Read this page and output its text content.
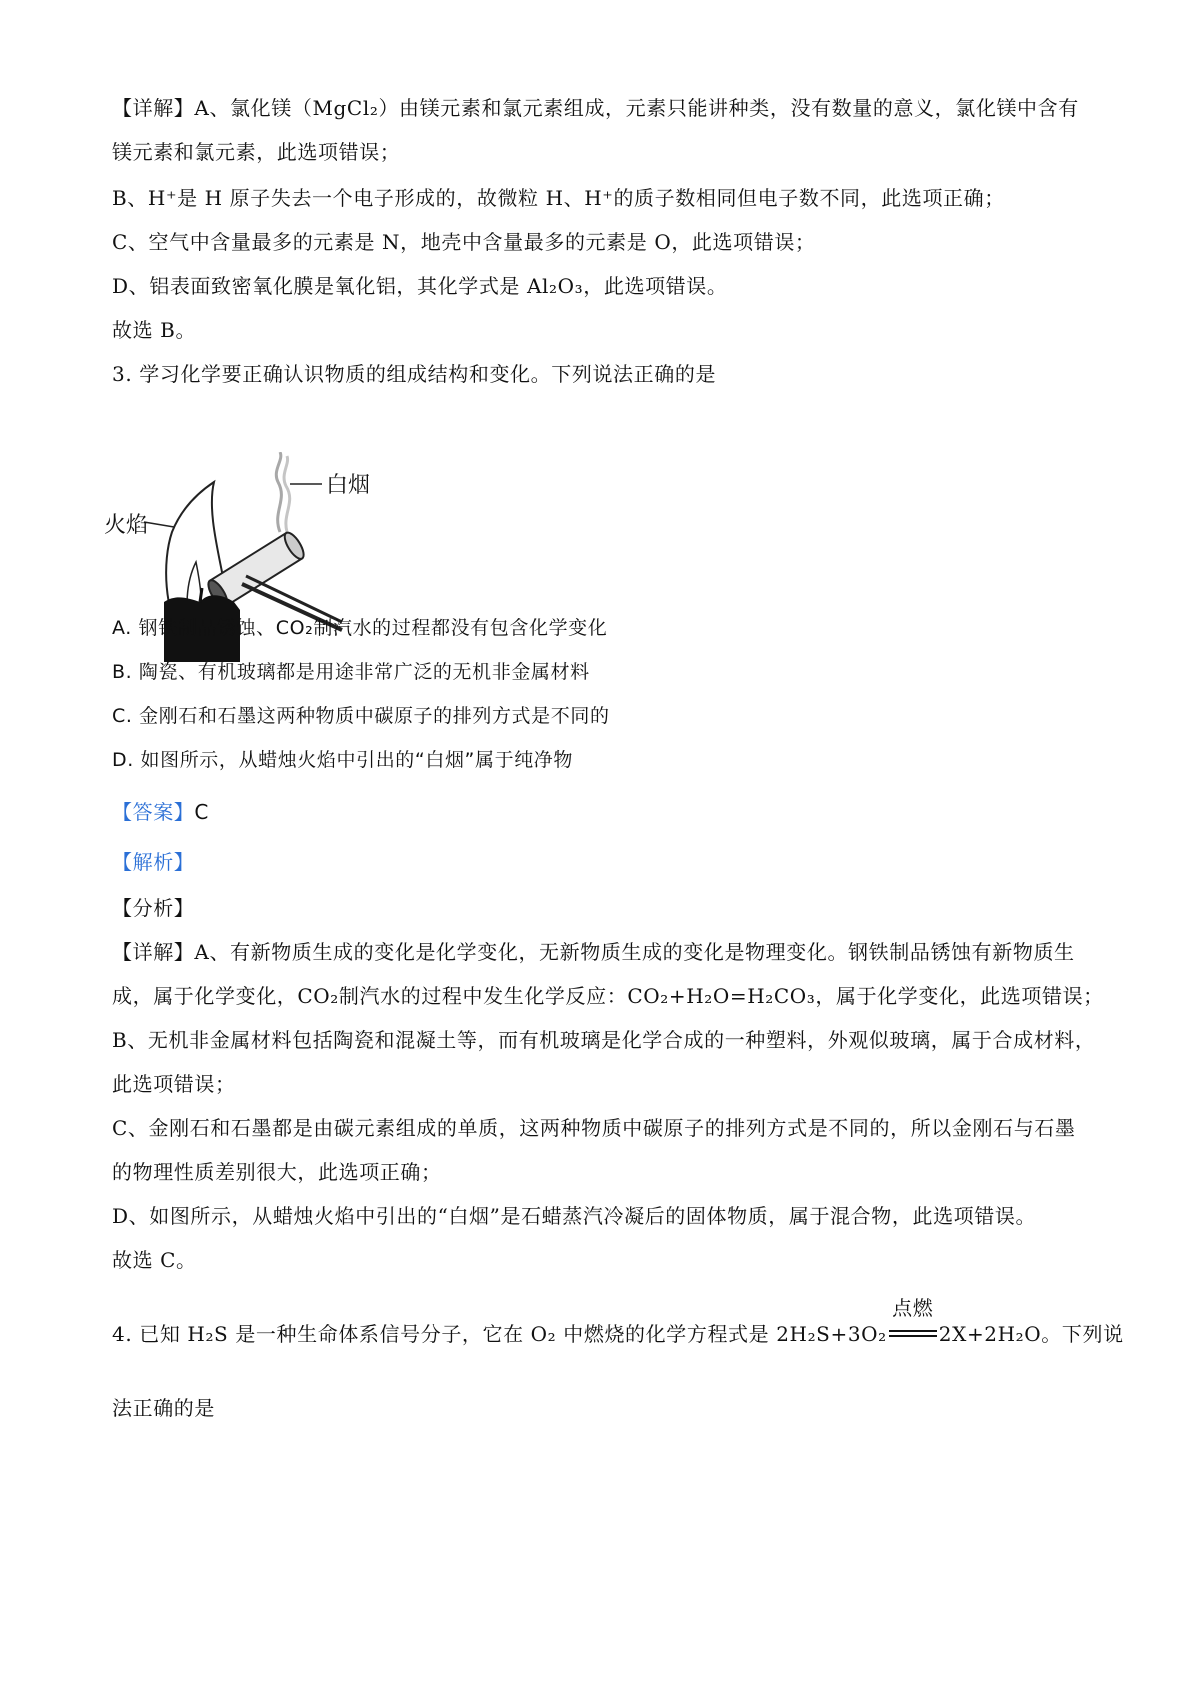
【详解】A、氯化镁（MgCl₂）由镁元素和氯元素组成，元素只能讲种类，没有数量的意义，氯化镁中含有
镁元素和氯元素，此选项错误；
B、H⁺是 H 原子失去一个电子形成的，故微粒 H、H⁺的质子数相同但电子数不同，此选项正确；
C、空气中含量最多的元素是 N，地壳中含量最多的元素是 O，此选项错误；
D、铝表面致密氧化膜是氧化铝，其化学式是 Al₂O₃，此选项错误。
故选 B。
3. 学习化学要正确认识物质的组成结构和变化。下列说法正确的是
白烟
火焰
A. 钢铁制品锈蚀、CO₂制汽水的过程都没有包含化学变化
B. 陶瓷、有机玻璃都是用途非常广泛的无机非金属材料
C. 金刚石和石墨这两种物质中碳原子的排列方式是不同的
D. 如图所示，从蜡烛火焰中引出的“白烟”属于纯净物
【答案】C
【解析】
【分析】
【详解】A、有新物质生成的变化是化学变化，无新物质生成的变化是物理变化。钢铁制品锈蚀有新物质生
成，属于化学变化，CO₂制汽水的过程中发生化学反应：CO₂+H₂O=H₂CO₃，属于化学变化，此选项错误；
B、无机非金属材料包括陶瓷和混凝土等，而有机玻璃是化学合成的一种塑料，外观似玻璃，属于合成材料，
此选项错误；
C、金刚石和石墨都是由碳元素组成的单质，这两种物质中碳原子的排列方式是不同的，所以金刚石与石墨
的物理性质差别很大，此选项正确；
D、如图所示，从蜡烛火焰中引出的“白烟”是石蜡蒸汽冷凝后的固体物质，属于混合物，此选项错误。
故选 C。
4. 已知 H₂S 是一种生命体系信号分子，它在 O₂ 中燃烧的化学方程式是 2H₂S+3O₂
点燃
2X+2H₂O。下列说
法正确的是
